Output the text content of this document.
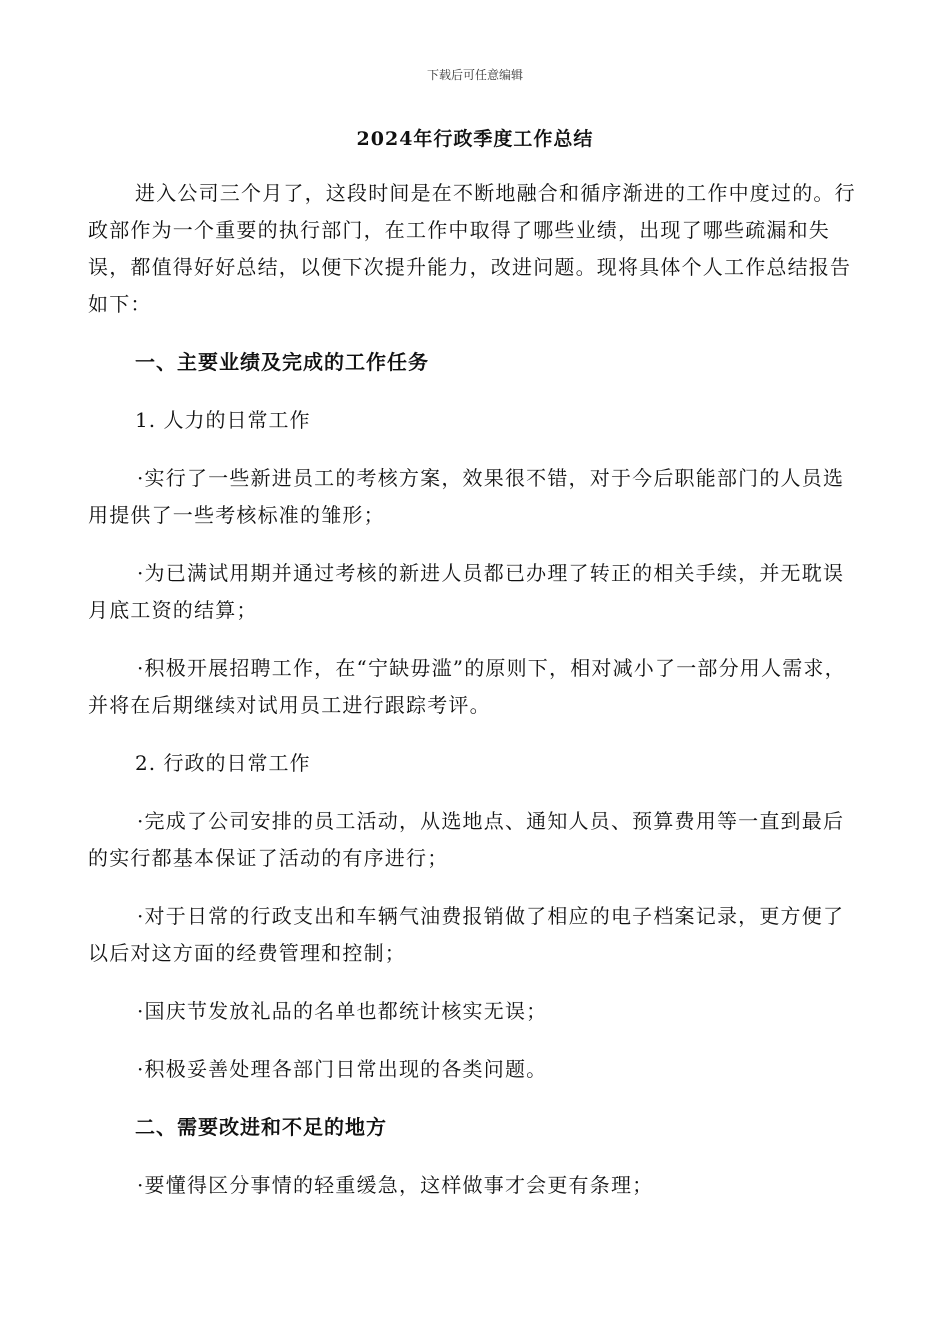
下载后可任意编辑
2024年行政季度工作总结

进入公司三个月了，这段时间是在不断地融合和循序渐进的工作中度过的。行政部作为一个重要的执行部门，在工作中取得了哪些业绩，出现了哪些疏漏和失误，都值得好好总结，以便下次提升能力，改进问题。现将具体个人工作总结报告如下：

一、主要业绩及完成的工作任务

1. 人力的日常工作

·实行了一些新进员工的考核方案，效果很不错，对于今后职能部门的人员选用提供了一些考核标准的雏形；

·为已满试用期并通过考核的新进人员都已办理了转正的相关手续，并无耽误月底工资的结算；

·积极开展招聘工作，在“宁缺毋滥”的原则下，相对减小了一部分用人需求，并将在后期继续对试用员工进行跟踪考评。

2. 行政的日常工作

·完成了公司安排的员工活动，从选地点、通知人员、预算费用等一直到最后的实行都基本保证了活动的有序进行；

·对于日常的行政支出和车辆气油费报销做了相应的电子档案记录，更方便了以后对这方面的经费管理和控制；

·国庆节发放礼品的名单也都统计核实无误；

·积极妥善处理各部门日常出现的各类问题。

二、需要改进和不足的地方

·要懂得区分事情的轻重缓急，这样做事才会更有条理；
